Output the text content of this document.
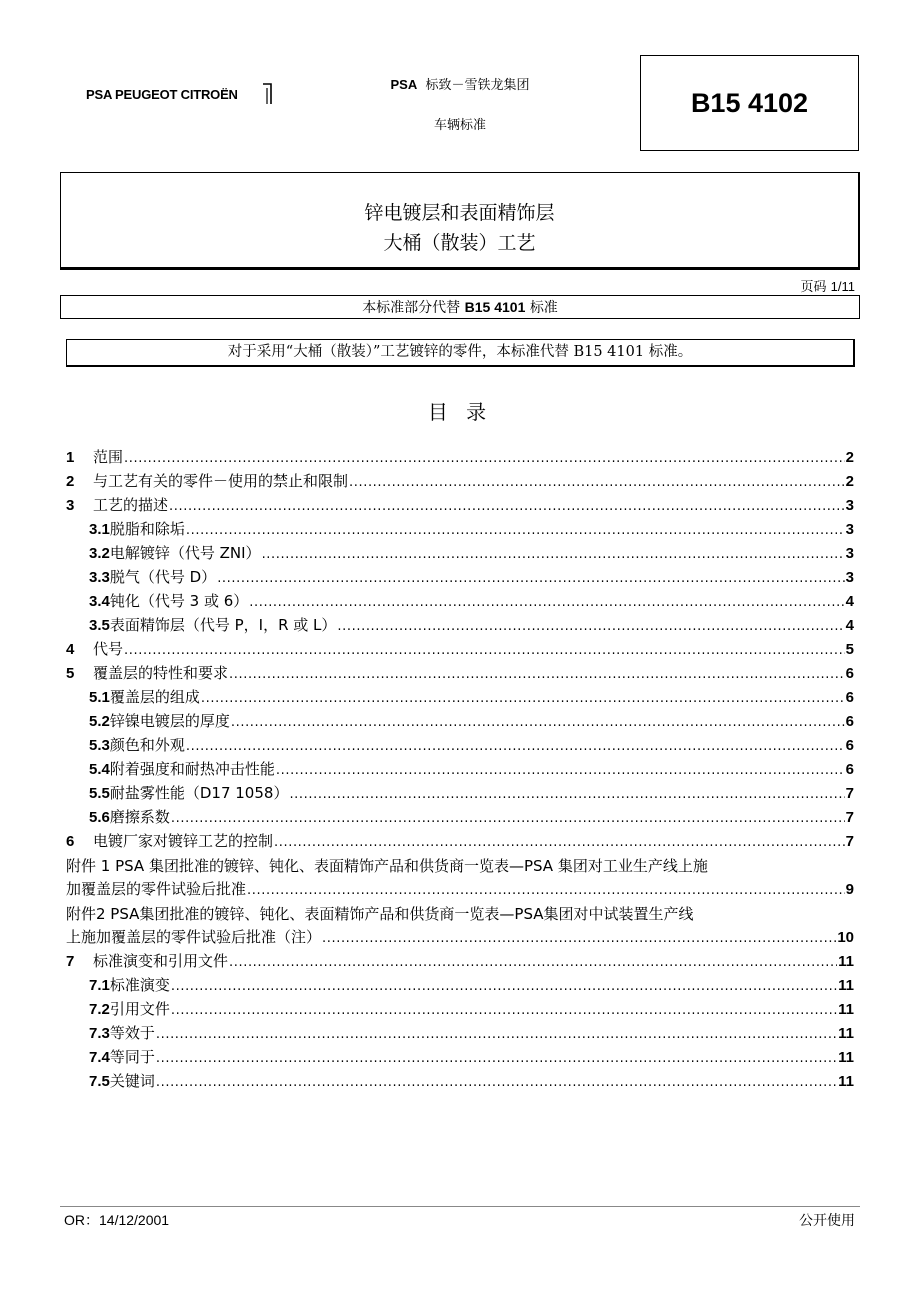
PSA PEUGEOT CITROËN
PSA 标致－雪铁龙集团
车辆标准
B15 4102
锌电镀层和表面精饰层
大桶（散装）工艺
页码 1/11
本标准部分代替 B15 4101 标准
对于采用“大桶（散装）”工艺镀锌的零件，本标准代替 B15 4101 标准。
目 录
1	范围 .....	2
2	与工艺有关的零件－使用的禁止和限制 .....	2
3	工艺的描述 .....	3
3.1 脱脂和除垢 .....	3
3.2 电解镀锌（代号 ZNI） .....	3
3.3 脱气（代号 D） .....	3
3.4 钝化（代号 3 或 6） .....	4
3.5 表面精饰层（代号 P，I，R 或 L） .....	4
4	代号 .....	5
5	覆盖层的特性和要求 .....	6
5.1 覆盖层的组成 .....	6
5.2 锌镍电镀层的厚度 .....	6
5.3 颜色和外观 .....	6
5.4 附着强度和耐热冲击性能 .....	6
5.5 耐盐雾性能（D17 1058） .....	7
5.6 磨擦系数 .....	7
6	电镀厂家对镀锌工艺的控制 .....	7
附件 1 PSA 集团批准的镀锌、钝化、表面精饰产品和供货商一览表—PSA 集团对工业生产线上施
加覆盖层的零件试验后批准 .....	9
附件2 PSA集团批准的镀锌、钝化、表面精饰产品和供货商一览表—PSA集团对中试装置生产线
上施加覆盖层的零件试验后批准（注） .....	10
7	标准演变和引用文件 .....	11
7.1 标准演变 .....	11
7.2 引用文件 .....	11
7.3 等效于 .....	11
7.4 等同于 .....	11
7.5 关键词 .....	11
OR：14/12/2001	公开使用
